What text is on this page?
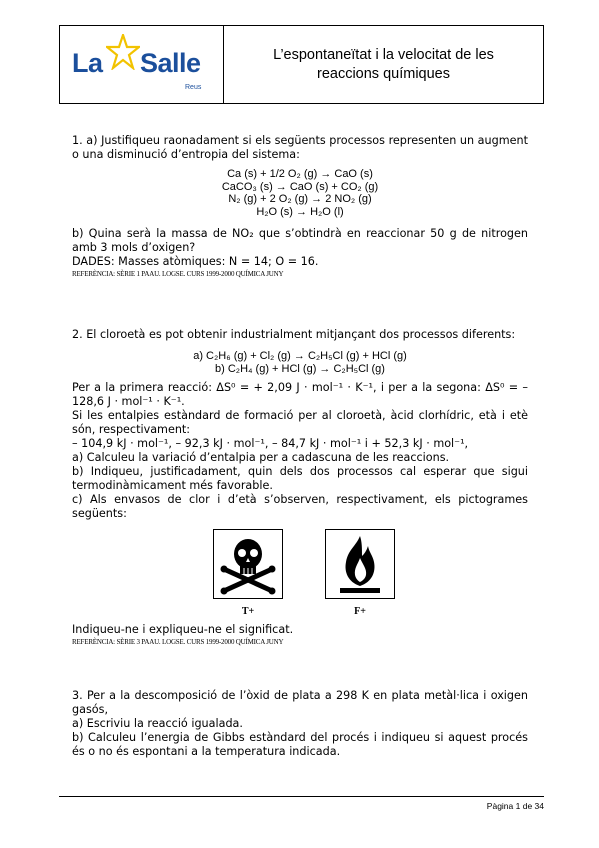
La Salle
Reus
L’espontaneïtat i la velocitat de les
reaccions químiques

1. a) Justifiqueu raonadament si els següents processos representen un augment o una disminució d’entropia del sistema:

Ca (s) + 1/2 O₂ (g) → CaO (s)

CaCO₃ (s) → CaO (s) + CO₂ (g)

N₂ (g) + 2 O₂ (g) → 2 NO₂ (g)

H₂O (s) → H₂O (l)

b) Quina serà la massa de NO₂ que s’obtindrà en reaccionar 50 g de nitrogen amb 3 mols d’oxigen?

DADES: Masses atòmiques: N = 14; O = 16.

REFERÈNCIA: SÈRIE 1 PAAU. LOGSE. CURS 1999-2000 QUÍMICA JUNY

2. El cloroetà es pot obtenir industrialment mitjançant dos processos diferents:

a) C₂H₆ (g) + Cl₂ (g) → C₂H₅Cl (g) + HCl (g)

b) C₂H₄ (g) + HCl (g) → C₂H₅Cl (g)

Per a la primera reacció: ΔS⁰ = + 2,09 J · mol⁻¹ · K⁻¹, i per a la segona: ΔS⁰ = – 128,6 J · mol⁻¹ · K⁻¹.

Si les entalpies estàndard de formació per al cloroetà, àcid clorhídric, età i etè són, respectivament:

– 104,9 kJ · mol⁻¹, – 92,3 kJ · mol⁻¹, – 84,7 kJ · mol⁻¹ i + 52,3 kJ · mol⁻¹,

a) Calculeu la variació d’entalpia per a cadascuna de les reaccions.

b) Indiqueu, justificadament, quin dels dos processos cal esperar que sigui termodinàmicament més favorable.

c) Als envasos de clor i d’età s’observen, respectivament, els pictogrames següents:

T+	F+

Indiqueu-ne i expliqueu-ne el significat.

REFERÈNCIA: SÈRIE 3 PAAU. LOGSE. CURS 1999-2000 QUÍMICA JUNY

3. Per a la descomposició de l’òxid de plata a 298 K en plata metàl·lica i oxigen gasós,

a) Escriviu la reacció igualada.

b) Calculeu l’energia de Gibbs estàndard del procés i indiqueu si aquest procés és o no és espontani a la temperatura indicada.

Pàgina 1 de 34
